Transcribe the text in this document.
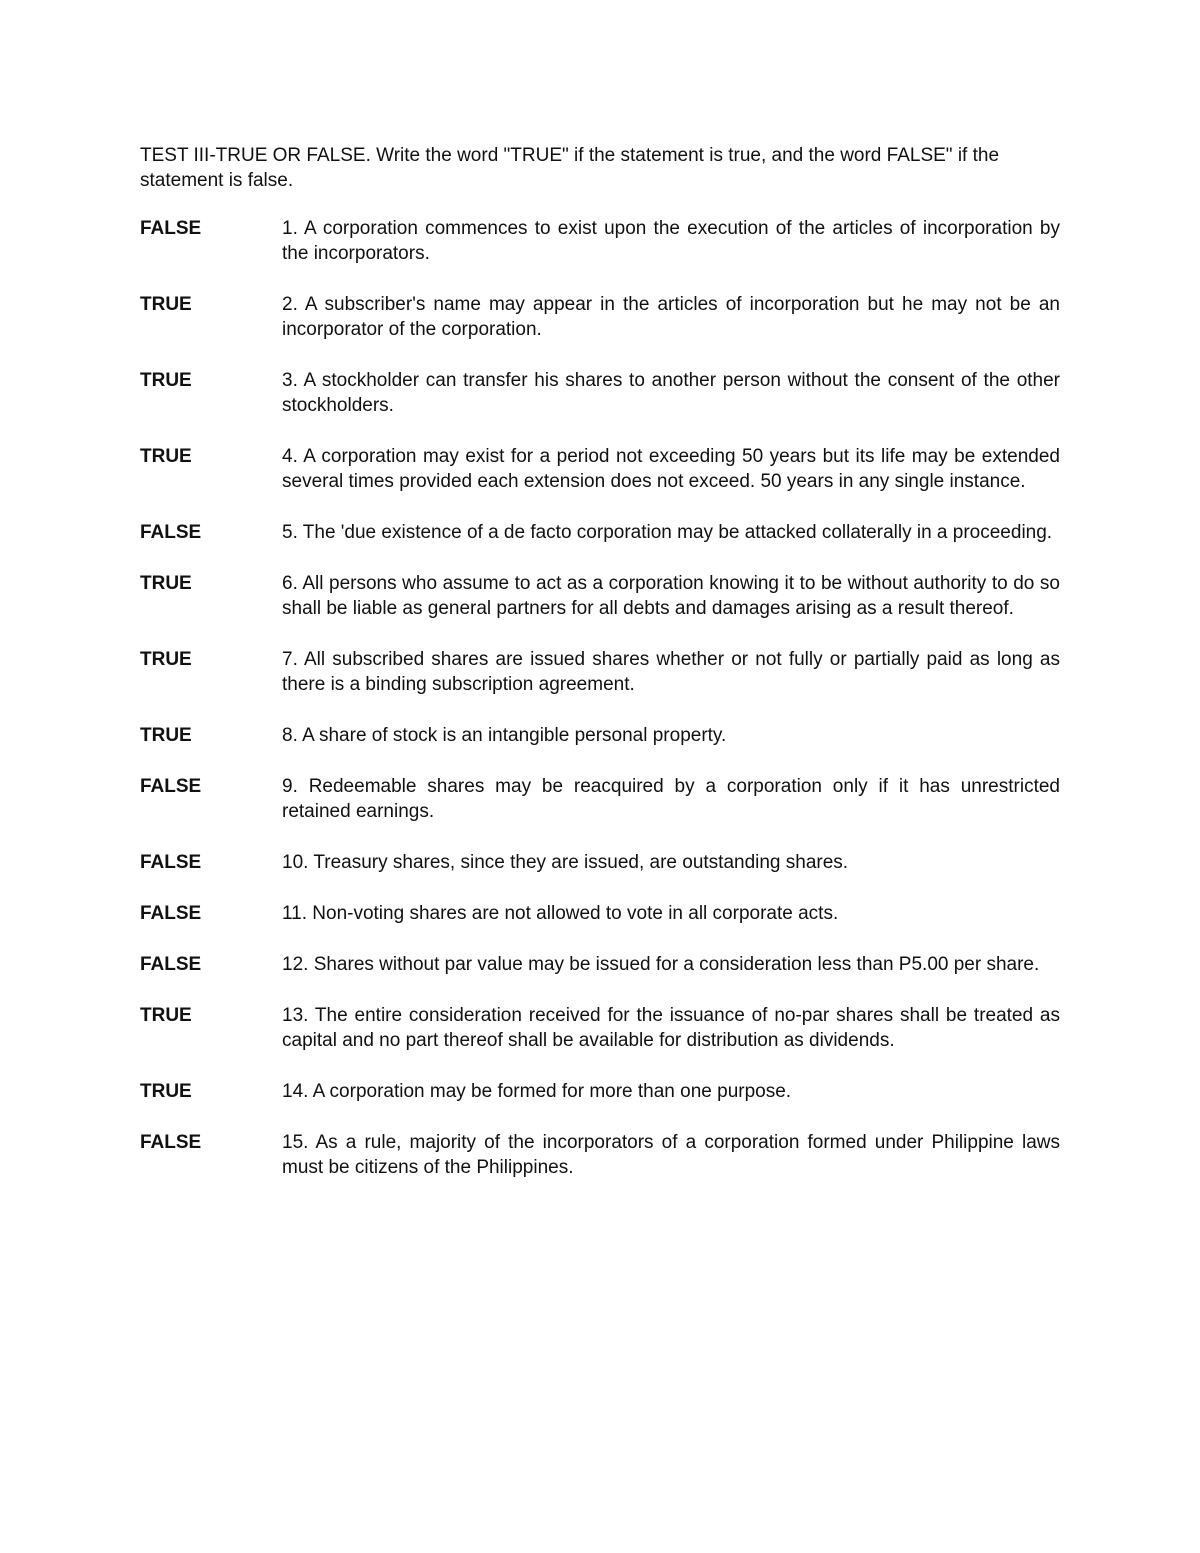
TEST III-TRUE OR FALSE. Write the word "TRUE" if the statement is true, and the word FALSE" if the statement is false.

FALSE	1. A corporation commences to exist upon the execution of the articles of incorporation by the incorporators.
TRUE	2. A subscriber's name may appear in the articles of incorporation but he may not be an incorporator of the corporation.
TRUE	3. A stockholder can transfer his shares to another person without the consent of the other stockholders.
TRUE	4. A corporation may exist for a period not exceeding 50 years but its life may be extended several times provided each extension does not exceed. 50 years in any single instance.
FALSE	5. The 'due existence of a de facto corporation may be attacked collaterally in a proceeding.
TRUE	6. All persons who assume to act as a corporation knowing it to be without authority to do so shall be liable as general partners for all debts and damages arising as a result thereof.
TRUE	7. All subscribed shares are issued shares whether or not fully or partially paid as long as there is a binding subscription agreement.
TRUE	8. A share of stock is an intangible personal property.
FALSE	9. Redeemable shares may be reacquired by a corporation only if it has unrestricted retained earnings.
FALSE	10. Treasury shares, since they are issued, are outstanding shares.
FALSE	11. Non-voting shares are not allowed to vote in all corporate acts.
FALSE	12. Shares without par value may be issued for a consideration less than P5.00 per share.
TRUE	13. The entire consideration received for the issuance of no-par shares shall be treated as capital and no part thereof shall be available for distribution as dividends.
TRUE	14. A corporation may be formed for more than one purpose.
FALSE	15. As a rule, majority of the incorporators of a corporation formed under Philippine laws must be citizens of the Philippines.
